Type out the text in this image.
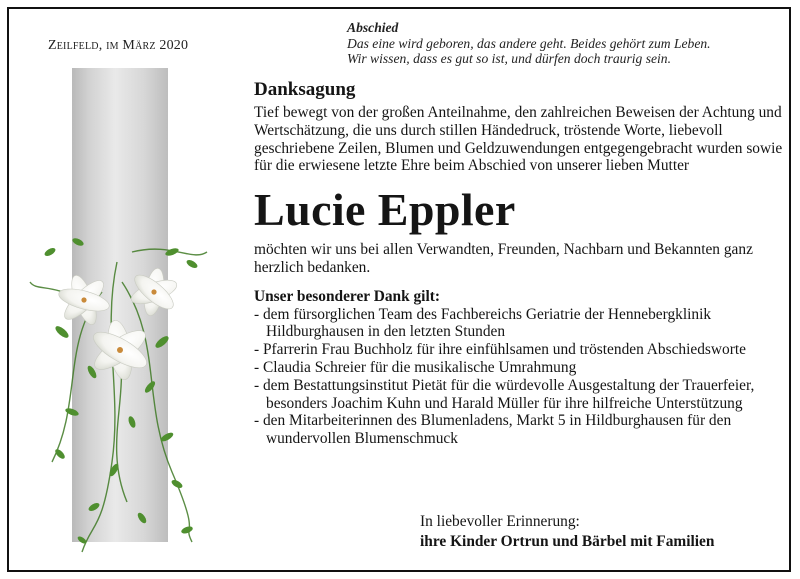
Zeilfeld, im März 2020
Abschied
Das eine wird geboren, das andere geht. Beides gehört zum Leben.
Wir wissen, dass es gut so ist, und dürfen doch traurig sein.
Danksagung

Tief bewegt von der großen Anteilnahme, den zahlreichen Beweisen der Achtung und Wertschätzung, die uns durch stillen Händedruck, tröstende Worte, liebevoll geschriebene Zeilen, Blumen und Geldzuwendungen entgegengebracht wurden sowie für die erwiesene letzte Ehre beim Abschied von unserer lieben Mutter

Lucie Eppler

möchten wir uns bei allen Verwandten, Freunden, Nachbarn und Bekannten ganz herzlich bedanken.

Unser besonderer Dank gilt:
- dem fürsorglichen Team des Fachbereichs Geriatrie der Hennebergklinik Hildburghausen in den letzten Stunden
- Pfarrerin Frau Buchholz für ihre einfühlsamen und tröstenden Abschiedsworte
- Claudia Schreier für die musikalische Umrahmung
- dem Bestattungsinstitut Pietät für die würdevolle Ausgestaltung der Trauerfeier, besonders Joachim Kuhn und Harald Müller für ihre hilfreiche Unterstützung
- den Mitarbeiterinnen des Blumenladens, Markt 5 in Hildburghausen für den wundervollen Blumenschmuck
In liebevoller Erinnerung:
ihre Kinder Ortrun und Bärbel mit Familien
